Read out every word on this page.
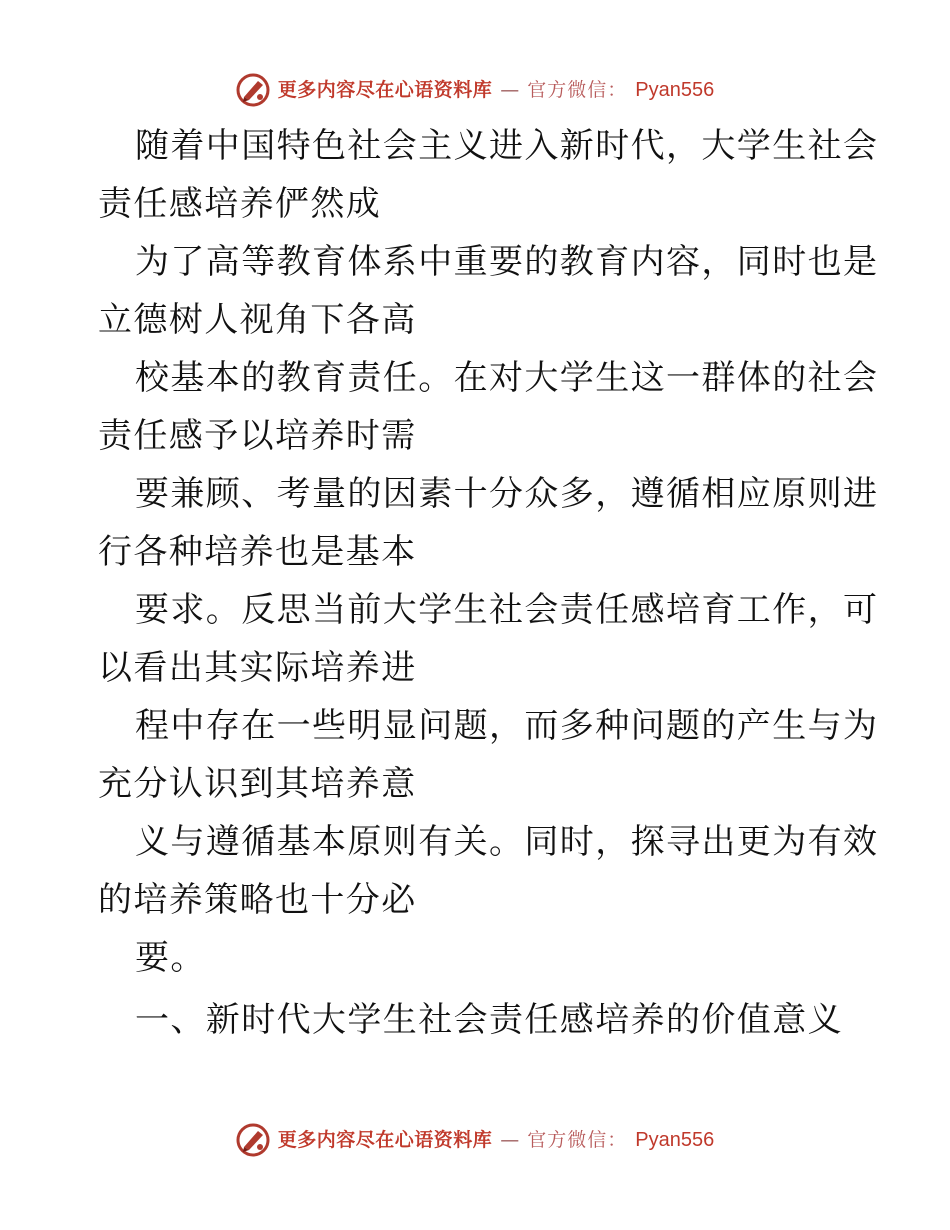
更多内容尽在心语资料库 — 官方微信： Pyan556
随着中国特色社会主义进入新时代，大学生社会
责任感培养俨然成
为了高等教育体系中重要的教育内容，同时也是
立德树人视角下各高
校基本的教育责任。在对大学生这一群体的社会
责任感予以培养时需
要兼顾、考量的因素十分众多，遵循相应原则进
行各种培养也是基本
要求。反思当前大学生社会责任感培育工作，可
以看出其实际培养进
程中存在一些明显问题，而多种问题的产生与为
充分认识到其培养意
义与遵循基本原则有关。同时，探寻出更为有效
的培养策略也十分必
要。
一、新时代大学生社会责任感培养的价值意义
更多内容尽在心语资料库 — 官方微信： Pyan556
